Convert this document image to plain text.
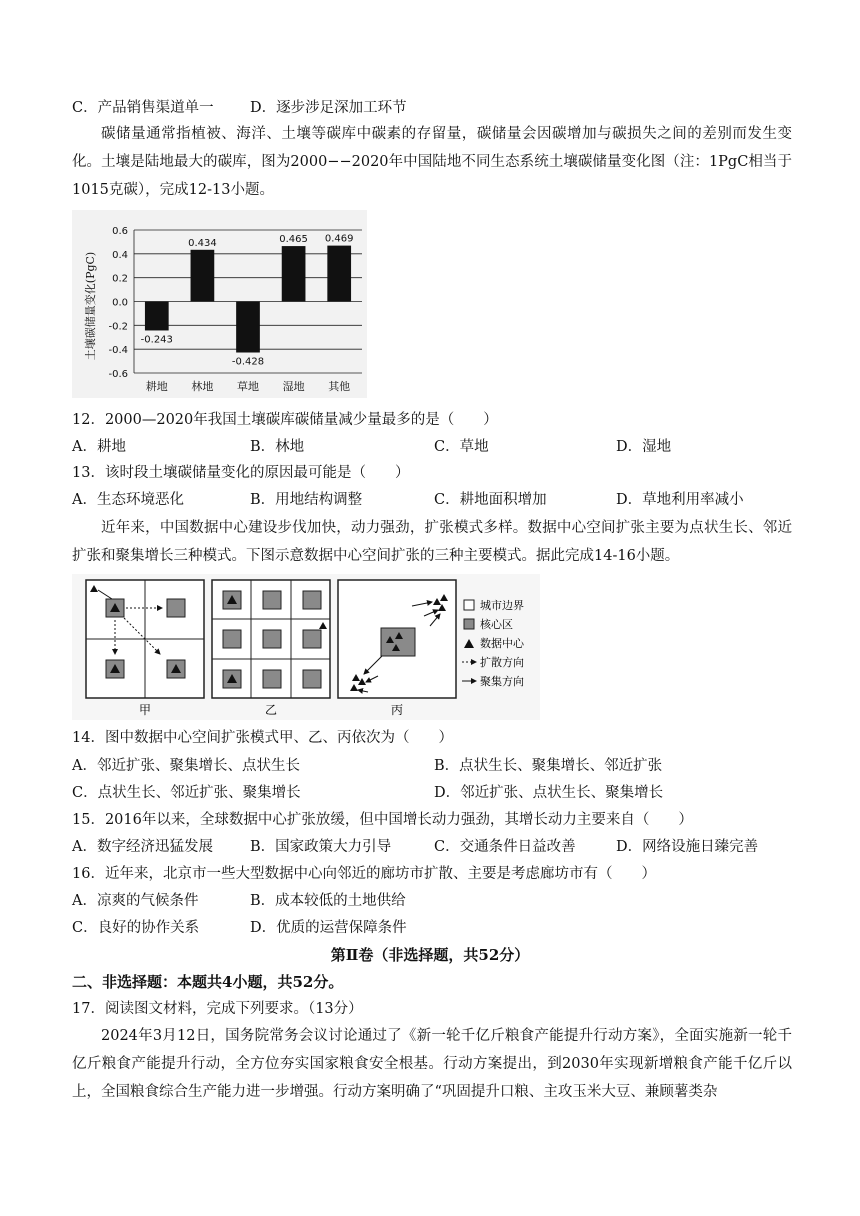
C．产品销售渠道单一	D．逐步涉足深加工环节
碳储量通常指植被、海洋、土壤等碳库中碳素的存留量，碳储量会因碳增加与碳损失之间的差别而发生变化。土壤是陆地最大的碳库，图为2000−−2020年中国陆地不同生态系统土壤碳储量变化图（注：1PgC相当于1015克碳），完成12-13小题。
土壤碳储量变化(PgC)
0.6
0.4
0.2
0.0
-0.2
-0.4
-0.6
-0.243
0.434
-0.428
0.465 0.469
耕地 林地 草地 湿地 其他
12．2000—2020年我国土壤碳库碳储量减少量最多的是（　　）
A．耕地	B．林地	C．草地	D．湿地
13．该时段土壤碳储量变化的原因最可能是（　　）
A．生态环境恶化	B．用地结构调整	C．耕地面积增加	D．草地利用率减小
近年来，中国数据中心建设步伐加快，动力强劲，扩张模式多样。数据中心空间扩张主要为点状生长、邻近扩张和聚集增长三种模式。下图示意数据中心空间扩张的三种主要模式。据此完成14-16小题。
甲	乙	丙
城市边界
核心区
数据中心
扩散方向
聚集方向
14．图中数据中心空间扩张模式甲、乙、丙依次为（　　）
A．邻近扩张、聚集增长、点状生长	B．点状生长、聚集增长、邻近扩张
C．点状生长、邻近扩张、聚集增长	D．邻近扩张、点状生长、聚集增长
15．2016年以来，全球数据中心扩张放缓，但中国增长动力强劲，其增长动力主要来自（　　）
A．数字经济迅猛发展	B．国家政策大力引导	C．交通条件日益改善	D．网络设施日臻完善
16．近年来，北京市一些大型数据中心向邻近的廊坊市扩散、主要是考虑廊坊市有（　　）
A．凉爽的气候条件	B．成本较低的土地供给
C．良好的协作关系	D．优质的运营保障条件
第Ⅱ卷（非选择题，共52分）
二、非选择题：本题共4小题，共52分。
17．阅读图文材料，完成下列要求。（13分）
2024年3月12日，国务院常务会议讨论通过了《新一轮千亿斤粮食产能提升行动方案》，全面实施新一轮千亿斤粮食产能提升行动，全方位夯实国家粮食安全根基。行动方案提出，到2030年实现新增粮食产能千亿斤以上，全国粮食综合生产能力进一步增强。行动方案明确了“巩固提升口粮、主攻玉米大豆、兼顾薯类杂
